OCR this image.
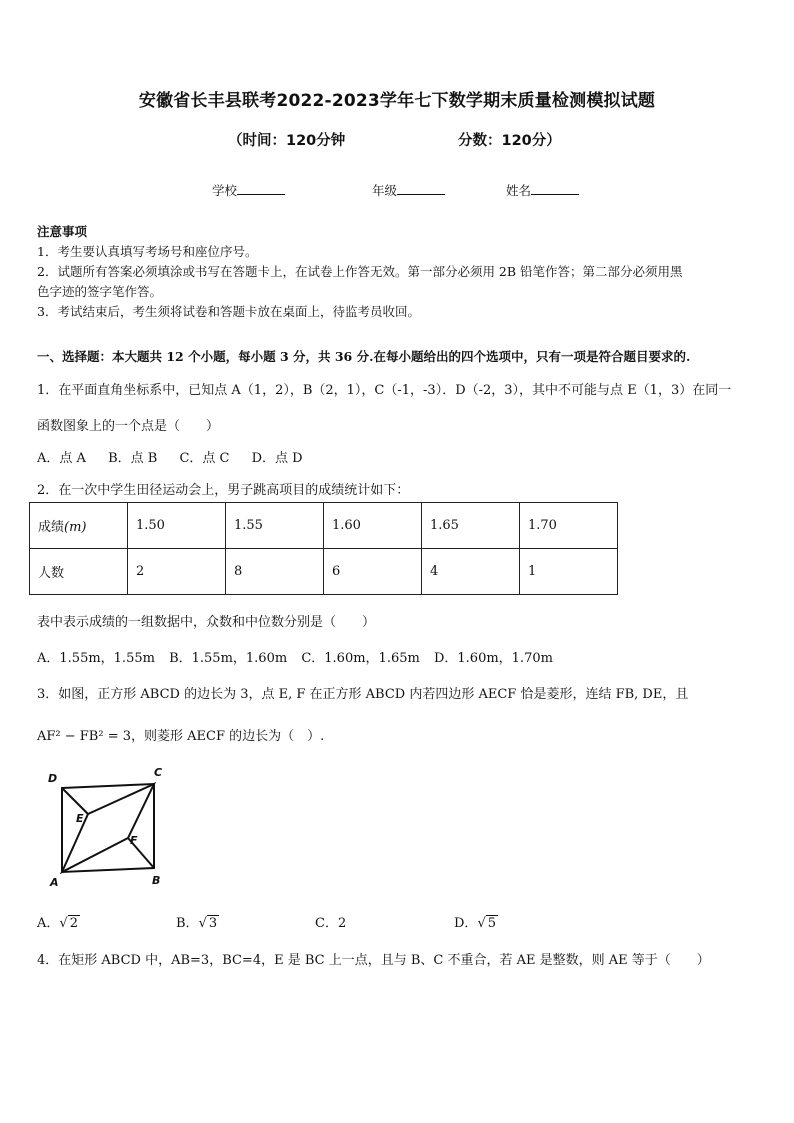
安徽省长丰县联考2022-2023学年七下数学期末质量检测模拟试题
（时间：120分钟	分数：120分）
学校	年级	姓名

注意事项

1．考生要认真填写考场号和座位序号。

2．试题所有答案必须填涂或书写在答题卡上，在试卷上作答无效。第一部分必须用 2B 铅笔作答；第二部分必须用黑

色字迹的签字笔作答。

3．考试结束后，考生须将试卷和答题卡放在桌面上，待监考员收回。

一、选择题：本大题共 12 个小题，每小题 3 分，共 36 分.在每小题给出的四个选项中，只有一项是符合题目要求的.
1．在平面直角坐标系中，已知点 A（1，2），B（2，1），C（-1，-3）．D（-2，3），其中不可能与点 E（1，3）在同一
函数图象上的一个点是（　　）
A．点 A B．点 B C．点 C D．点 D
2．在一次中学生田径运动会上，男子跳高项目的成绩统计如下：
成绩(m)	1.50	1.55	1.60	1.65	1.70
人数	2	8	6	4	1
表中表示成绩的一组数据中，众数和中位数分别是（　　）
A．1.55m，1.55m B．1.55m，1.60m C．1.60m，1.65m D．1.60m，1.70m
3．如图，正方形 ABCD 的边长为 3，点 E, F 在正方形 ABCD 内若四边形 AECF 恰是菱形，连结 FB, DE，且
AF² − FB² = 3，则菱形 AECF 的边长为（　）.
D	C
A	B
E
F
A．√ 2	B．√ 3	C．2	D．√ 5
4．在矩形 ABCD 中，AB=3，BC=4，E 是 BC 上一点，且与 B、C 不重合，若 AE 是整数，则 AE 等于（　　）
